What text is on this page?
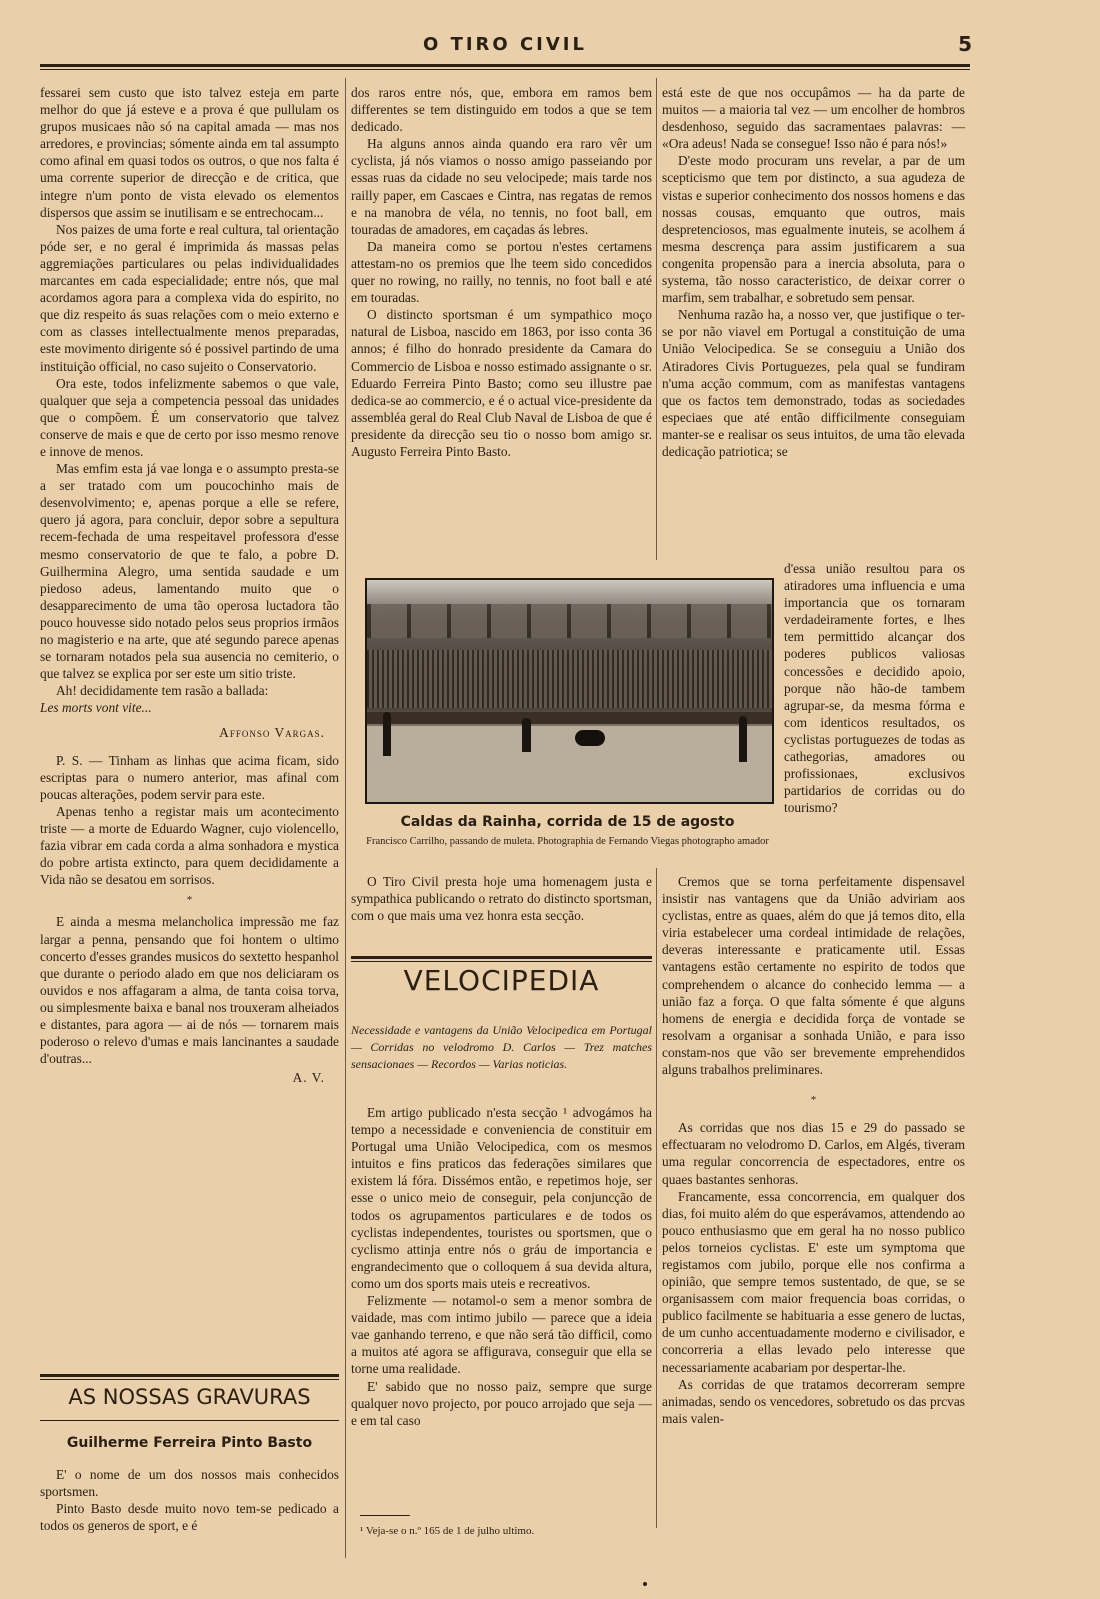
O TIRO CIVIL	5

fessarei sem custo que isto talvez esteja em parte melhor do que já esteve e a prova é que pullulam os grupos musicaes não só na capital amada — mas nos arredores, e provincias; sómente ainda em tal assumpto como afinal em quasi todos os outros, o que nos falta é uma corrente superior de direcção e de critica, que integre n'um ponto de vista elevado os elementos dispersos que assim se inutilisam e se entrechocam...

Nos paizes de uma forte e real cultura, tal orientação póde ser, e no geral é imprimida ás massas pelas aggremiações particulares ou pelas individualidades marcantes em cada especialidade; entre nós, que mal acordamos agora para a complexa vida do espirito, no que diz respeito ás suas relações com o meio externo e com as classes intellectualmente menos preparadas, este movimento dirigente só é possivel partindo de uma instituição official, no caso sujeito o Conservatorio.

Ora este, todos infelizmente sabemos o que vale, qualquer que seja a competencia pessoal das unidades que o compõem. É um conservatorio que talvez conserve de mais e que de certo por isso mesmo renove e innove de menos.

Mas emfim esta já vae longa e o assumpto presta-se a ser tratado com um poucochinho mais de desenvolvimento; e, apenas porque a elle se refere, quero já agora, para concluir, depor sobre a sepultura recem-fechada de uma respeitavel professora d'esse mesmo conservatorio de que te falo, a pobre D. Guilhermina Alegro, uma sentida saudade e um piedoso adeus, lamentando muito que o desapparecimento de uma tão operosa luctadora tão pouco houvesse sido notado pelos seus proprios irmãos no magisterio e na arte, que até segundo parece apenas se tornaram notados pela sua ausencia no cemiterio, o que talvez se explica por ser este um sitio triste.

Ah! decididamente tem rasão a ballada:

Les morts vont vite...

Affonso Vargas.

P. S. — Tinham as linhas que acima ficam, sido escriptas para o numero anterior, mas afinal com poucas alterações, podem servir para este.

Apenas tenho a registar mais um acontecimento triste — a morte de Eduardo Wagner, cujo violencello, fazia vibrar em cada corda a alma sonhadora e mystica do pobre artista extincto, para quem decididamente a Vida não se desatou em sorrisos.

*

E ainda a mesma melancholica impressão me faz largar a penna, pensando que foi hontem o ultimo concerto d'esses grandes musicos do sextetto hespanhol que durante o periodo alado em que nos deliciaram os ouvidos e nos affagaram a alma, de tanta coisa torva, ou simplesmente baixa e banal nos trouxeram alheiados e distantes, para agora — ai de nós — tornarem mais poderoso o relevo d'umas e mais lancinantes a saudade d'outras...

A. V.

AS NOSSAS GRAVURAS
Guilherme Ferreira Pinto Basto

E' o nome de um dos nossos mais conhecidos sportsmen.

Pinto Basto desde muito novo tem-se pedicado a todos os generos de sport, e é

dos raros entre nós, que, embora em ramos bem differentes se tem distinguido em todos a que se tem dedicado.

Ha alguns annos ainda quando era raro vêr um cyclista, já nós viamos o nosso amigo passeiando por essas ruas da cidade no seu velocipede; mais tarde nos railly paper, em Cascaes e Cintra, nas regatas de remos e na manobra de véla, no tennis, no foot ball, em touradas de amadores, em caçadas ás lebres.

Da maneira como se portou n'estes certamens attestam-no os premios que lhe teem sido concedidos quer no rowing, no railly, no tennis, no foot ball e até em touradas.

O distincto sportsman é um sympathico moço natural de Lisboa, nascido em 1863, por isso conta 36 annos; é filho do honrado presidente da Camara do Commercio de Lisboa e nosso estimado assignante o sr. Eduardo Ferreira Pinto Basto; como seu illustre pae dedica-se ao commercio, e é o actual vice-presidente da assembléa geral do Real Club Naval de Lisboa de que é presidente da direcção seu tio o nosso bom amigo sr. Augusto Ferreira Pinto Basto.

Caldas da Rainha, corrida de 15 de agosto
Francisco Carrilho, passando de muleta. Photographia de Fernando Viegas photographo amador

O Tiro Civil presta hoje uma homenagem justa e sympathica publicando o retrato do distincto sportsman, com o que mais uma vez honra esta secção.

VELOCIPEDIA
Necessidade e vantagens da União Velocipedica em Portugal — Corridas no velodromo D. Carlos — Trez matches sensacionaes — Recordos — Varias noticias.

Em artigo publicado n'esta secção ¹ advogámos ha tempo a necessidade e conveniencia de constituir em Portugal uma União Velocipedica, com os mesmos intuitos e fins praticos das federações similares que existem lá fóra. Dissémos então, e repetimos hoje, ser esse o unico meio de conseguir, pela conjuncção de todos os agrupamentos particulares e de todos os cyclistas independentes, touristes ou sportsmen, que o cyclismo attinja entre nós o gráu de importancia e engrandecimento que o colloquem á sua devida altura, como um dos sports mais uteis e recreativos.

Felizmente — notamol-o sem a menor sombra de vaidade, mas com intimo jubilo — parece que a ideia vae ganhando terreno, e que não será tão difficil, como a muitos até agora se affigurava, conseguir que ella se torne uma realidade.

E' sabido que no nosso paiz, sempre que surge qualquer novo projecto, por pouco arrojado que seja — e em tal caso

¹ Veja-se o n.º 165 de 1 de julho ultimo.

está este de que nos occupâmos — ha da parte de muitos — a maioria tal vez — um encolher de hombros desdenhoso, seguido das sacramentaes palavras: — «Ora adeus! Nada se consegue! Isso não é para nós!»

D'este modo procuram uns revelar, a par de um scepticismo que tem por distincto, a sua agudeza de vistas e superior conhecimento dos nossos homens e das nossas cousas, emquanto que outros, mais despretenciosos, mas egualmente inuteis, se acolhem á mesma descrença para assim justificarem a sua congenita propensão para a inercia absoluta, para o systema, tão nosso caracteristico, de deixar correr o marfim, sem trabalhar, e sobretudo sem pensar.

Nenhuma razão ha, a nosso ver, que justifique o ter-se por não viavel em Portugal a constituição de uma União Velocipedica. Se se conseguiu a União dos Atiradores Civis Portuguezes, pela qual se fundiram n'uma acção commum, com as manifestas vantagens que os factos tem demonstrado, todas as sociedades especiaes que até então difficilmente conseguiam manter-se e realisar os seus intuitos, de uma tão elevada dedicação patriotica; se

d'essa união resultou para os atiradores uma influencia e uma importancia que os tornaram verdadeiramente fortes, e lhes tem permittido alcançar dos poderes publicos valiosas concessões e decidido apoio, porque não hão-de tambem agrupar-se, da mesma fórma e com identicos resultados, os cyclistas portuguezes de todas as cathegorias, amadores ou profissionaes, exclusivos partidarios de corridas ou do tourismo?

Cremos que se torna perfeitamente dispensavel insistir nas vantagens que da União adviriam aos cyclistas, entre as quaes, além do que já temos dito, ella viria estabelecer uma cordeal intimidade de relações, deveras interessante e praticamente util. Essas vantagens estão certamente no espirito de todos que comprehendem o alcance do conhecido lemma — a união faz a força. O que falta sómente é que alguns homens de energia e decidida força de vontade se resolvam a organisar a sonhada União, e para isso constam-nos que vão ser brevemente emprehendidos alguns trabalhos preliminares.

*

As corridas que nos dias 15 e 29 do passado se effectuaram no velodromo D. Carlos, em Algés, tiveram uma regular concorrencia de espectadores, entre os quaes bastantes senhoras.

Francamente, essa concorrencia, em qualquer dos dias, foi muito além do que esperávamos, attendendo ao pouco enthusiasmo que em geral ha no nosso publico pelos torneios cyclistas. E' este um symptoma que registamos com jubilo, porque elle nos confirma a opinião, que sempre temos sustentado, de que, se se organisassem com maior frequencia boas corridas, o publico facilmente se habituaria a esse genero de luctas, de um cunho accentuadamente moderno e civilisador, e concorreria a ellas levado pelo interesse que necessariamente acabariam por despertar-lhe.

As corridas de que tratamos decorreram sempre animadas, sendo os vencedores, sobretudo os das prcvas mais valen-
